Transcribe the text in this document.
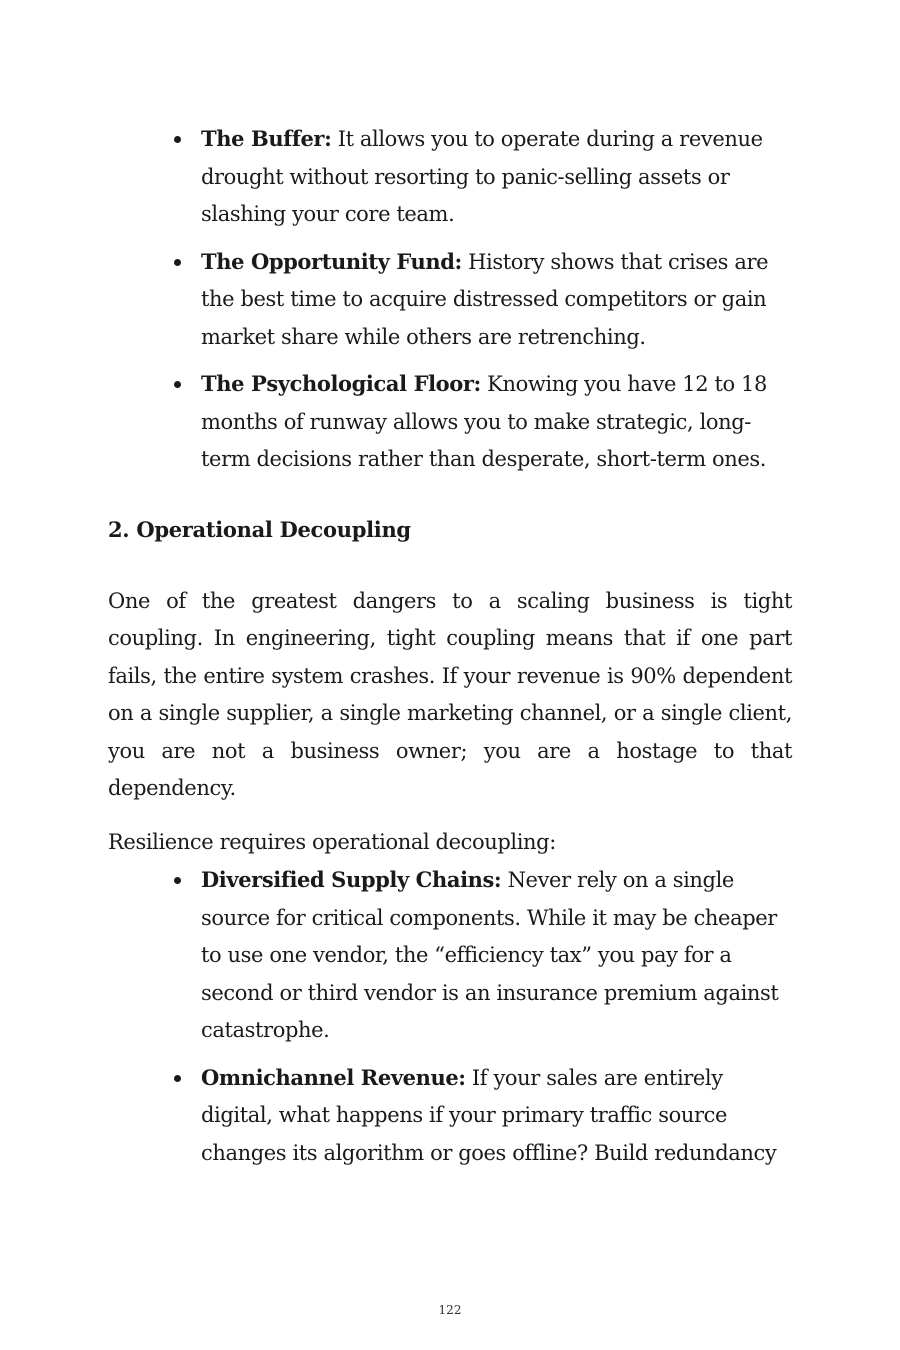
The Buffer: It allows you to operate during a revenue drought without resorting to panic-selling assets or slashing your core team.
The Opportunity Fund: History shows that crises are the best time to acquire distressed competitors or gain market share while others are retrenching.
The Psychological Floor: Knowing you have 12 to 18 months of runway allows you to make strategic, long-term decisions rather than desperate, short-term ones.
2. Operational Decoupling

One of the greatest dangers to a scaling business is tight coupling. In engineering, tight coupling means that if one part fails, the entire system crashes. If your revenue is 90% dependent on a single supplier, a single marketing channel, or a single client, you are not a business owner; you are a hostage to that dependency.

Resilience requires operational decoupling:

Diversified Supply Chains: Never rely on a single source for critical components. While it may be cheaper to use one vendor, the “efficiency tax” you pay for a second or third vendor is an insurance premium against catastrophe.
Omnichannel Revenue: If your sales are entirely digital, what happens if your primary traffic source changes its algorithm or goes offline? Build redundancy
122
